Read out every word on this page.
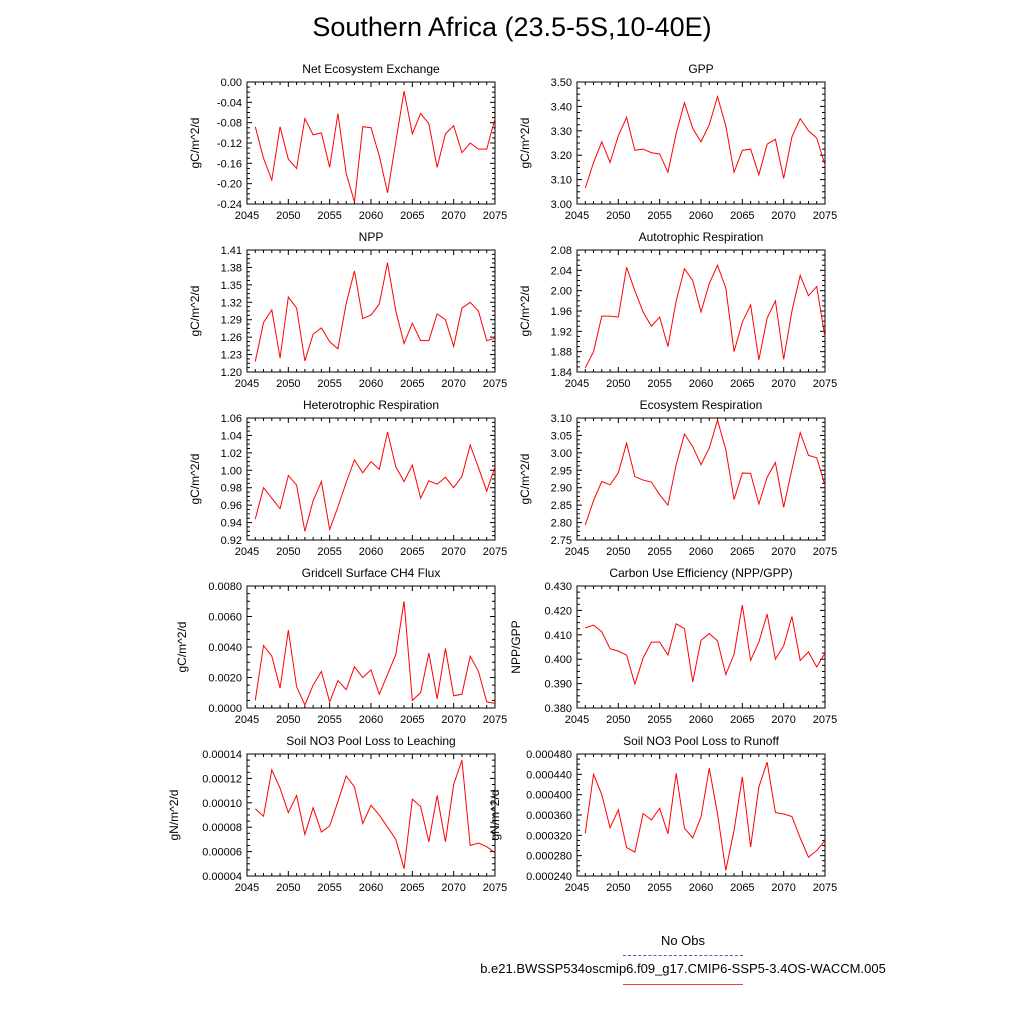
Southern Africa (23.5-5S,10-40E)
Net Ecosystem Exchange
gC/m^2/d
2045 2050 2055 2060 2065 2070 2075
-0.24
-0.20
-0.16
-0.12
-0.08
-0.04
0.00
GPP
gC/m^2/d
2045 2050 2055 2060 2065 2070 2075
3.00
3.10
3.20
3.30
3.40
3.50
NPP
gC/m^2/d
2045 2050 2055 2060 2065 2070 2075
1.20
1.23
1.26
1.29
1.32
1.35
1.38
1.41
Autotrophic Respiration
gC/m^2/d
2045 2050 2055 2060 2065 2070 2075
1.84
1.88
1.92
1.96
2.00
2.04
2.08
Heterotrophic Respiration
gC/m^2/d
2045 2050 2055 2060 2065 2070 2075
0.92
0.94
0.96
0.98
1.00
1.02
1.04
1.06
Ecosystem Respiration
gC/m^2/d
2045 2050 2055 2060 2065 2070 2075
2.75
2.80
2.85
2.90
2.95
3.00
3.05
3.10
Gridcell Surface CH4 Flux
gC/m^2/d
2045 2050 2055 2060 2065 2070 2075
0.0000
0.0020
0.0040
0.0060
0.0080
Carbon Use Efficiency (NPP/GPP)
NPP/GPP
2045 2050 2055 2060 2065 2070 2075
0.380
0.390
0.400
0.410
0.420
0.430
Soil NO3 Pool Loss to Leaching
gN/m^2/d
2045 2050 2055 2060 2065 2070 2075
0.00004
0.00006
0.00008
0.00010
0.00012
0.00014
Soil NO3 Pool Loss to Runoff
gN/m^2/d
2045 2050 2055 2060 2065 2070 2075
0.000240
0.000280
0.000320
0.000360
0.000400
0.000440
0.000480
No Obs
b.e21.BWSSP534oscmip6.f09_g17.CMIP6-SSP5-3.4OS-WACCM.005
